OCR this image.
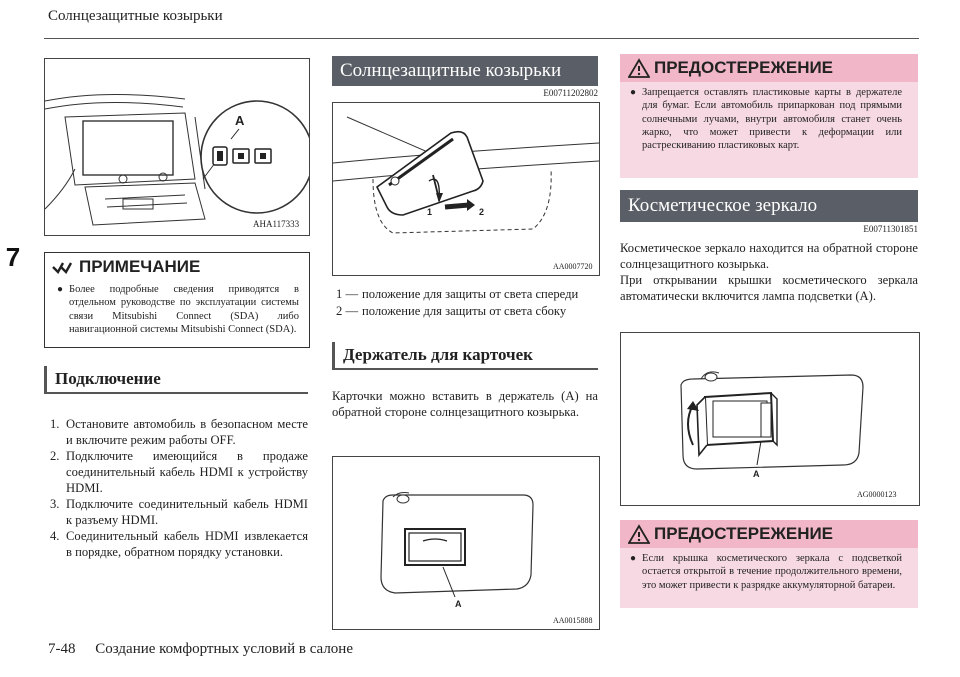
Солнцезащитные козырьки
7
A
AHA117333
ПРИМЕЧАНИЕ
● Более подробные сведения приводятся в отдельном руководстве по эксплуатации системы связи Mitsubishi Connect (SDA) либо навигационной системы Mitsubishi Connect (SDA).
Подключение
1. Остановите автомобиль в безопасном месте и включите режим работы OFF.
2. Подключите имеющийся в продаже соединительный кабель HDMI к устройству HDMI.
3. Подключите соединительный кабель HDMI к разъему HDMI.
4. Соединительный кабель HDMI извлекается в порядке, обратном порядку установки.
Солнцезащитные козырьки
E00711202802
1	2
AA0007720
1 — положение для защиты от света спереди
2 — положение для защиты от света сбоку
Держатель для карточек
Карточки можно вставить в держатель (A) на обратной стороне солнцезащитного козырька.
A
AA0015888
ПРЕДОСТЕРЕЖЕНИЕ
● Запрещается оставлять пластиковые карты в держателе для бумаг. Если автомобиль припаркован под прямыми солнечными лучами, внутри автомобиля станет очень жарко, что может привести к деформации или растрескиванию пластиковых карт.
Косметическое зеркало
E00711301851
Косметическое зеркало находится на обратной стороне солнцезащитного козырька.
При открывании крышки косметического зеркала автоматически включится лампа подсветки (A).
A
AG0000123
ПРЕДОСТЕРЕЖЕНИЕ
● Если крышка косметического зеркала с подсветкой остается открытой в течение продолжительного времени, это может привести к разрядке аккумуляторной батареи.
7-48 Создание комфортных условий в салоне
